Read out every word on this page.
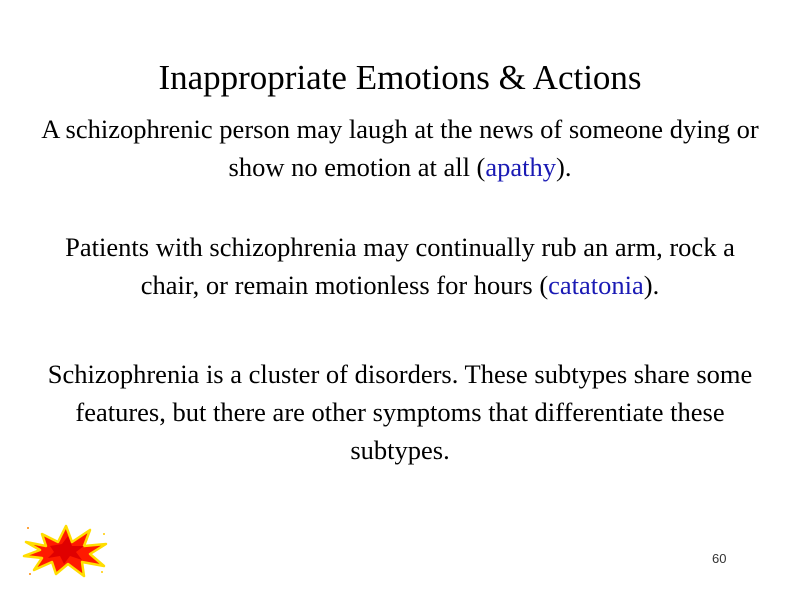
Inappropriate Emotions & Actions
A schizophrenic person may laugh at the news of someone dying or show no emotion at all (apathy).
Patients with schizophrenia may continually rub an arm, rock a chair, or remain motionless for hours (catatonia).
Schizophrenia is a cluster of disorders. These subtypes share some features, but there are other symptoms that differentiate these subtypes.
60
